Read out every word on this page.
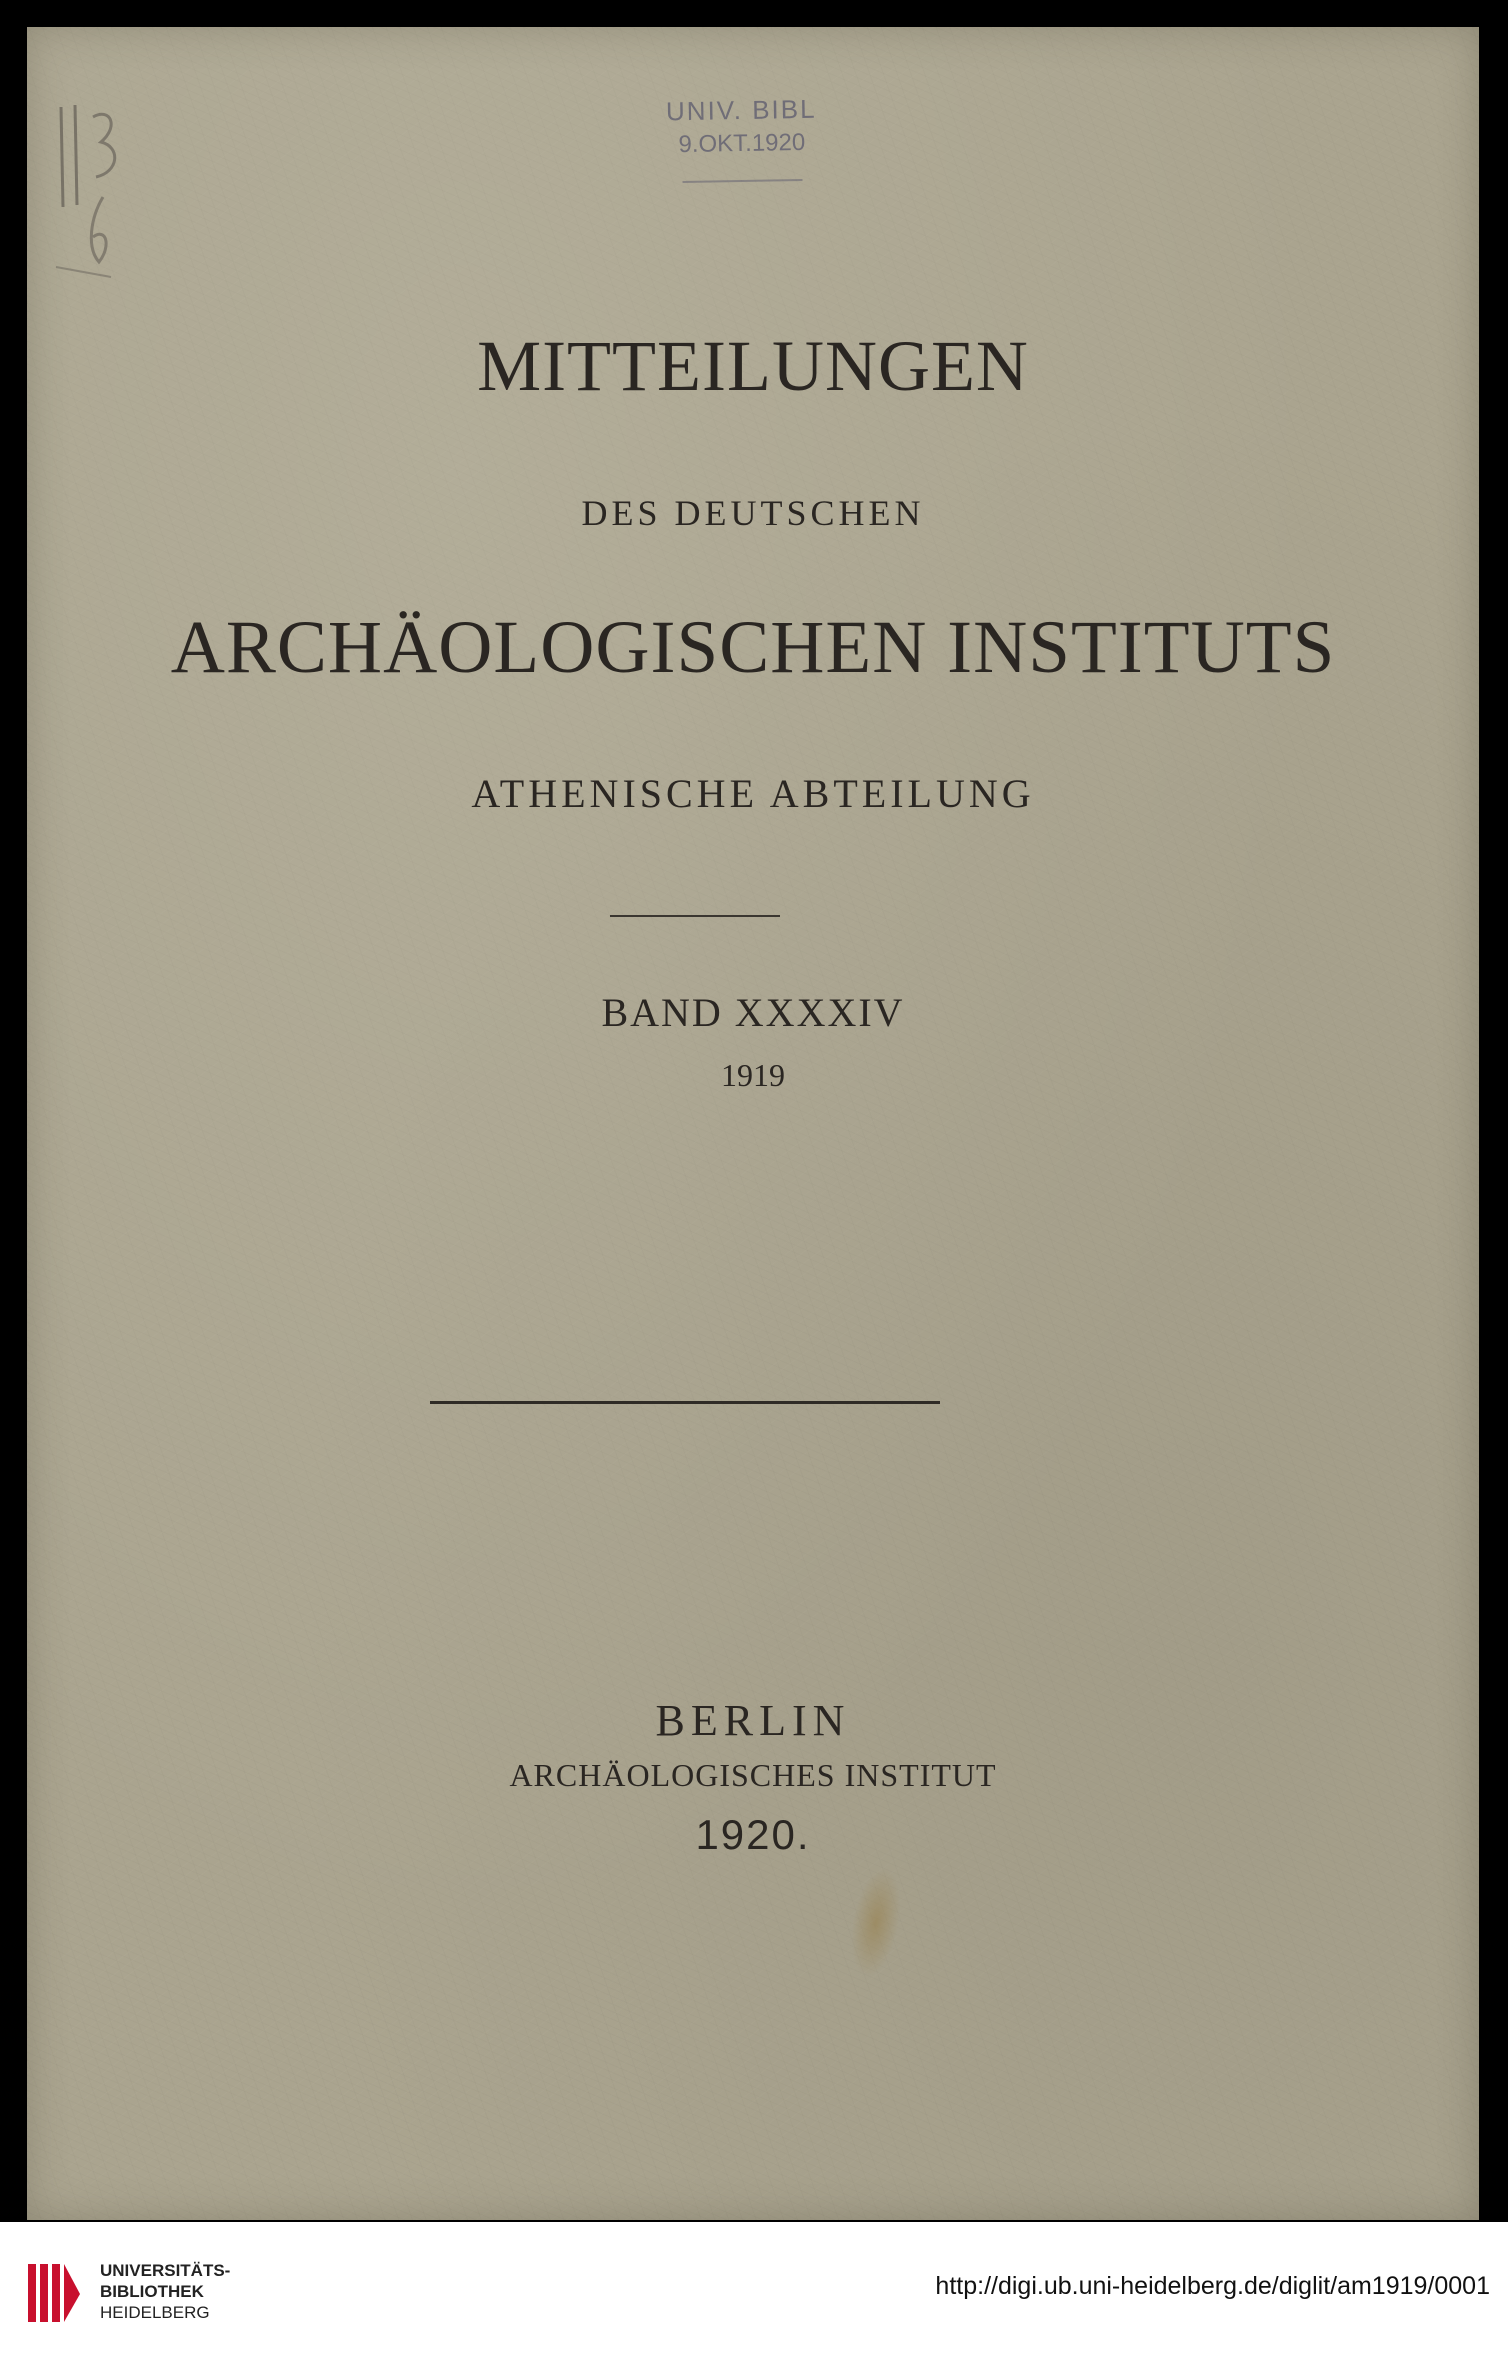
UNIV. BIBL
9.OKT.1920
MITTEILUNGEN
DES DEUTSCHEN
ARCHÄOLOGISCHEN INSTITUTS
ATHENISCHE ABTEILUNG
BAND XXXXIV
1919
BERLIN
ARCHÄOLOGISCHES INSTITUT
1920.
UNIVERSITÄTS-
BIBLIOTHEK
HEIDELBERG
http://digi.ub.uni-heidelberg.de/diglit/am1919/0001
